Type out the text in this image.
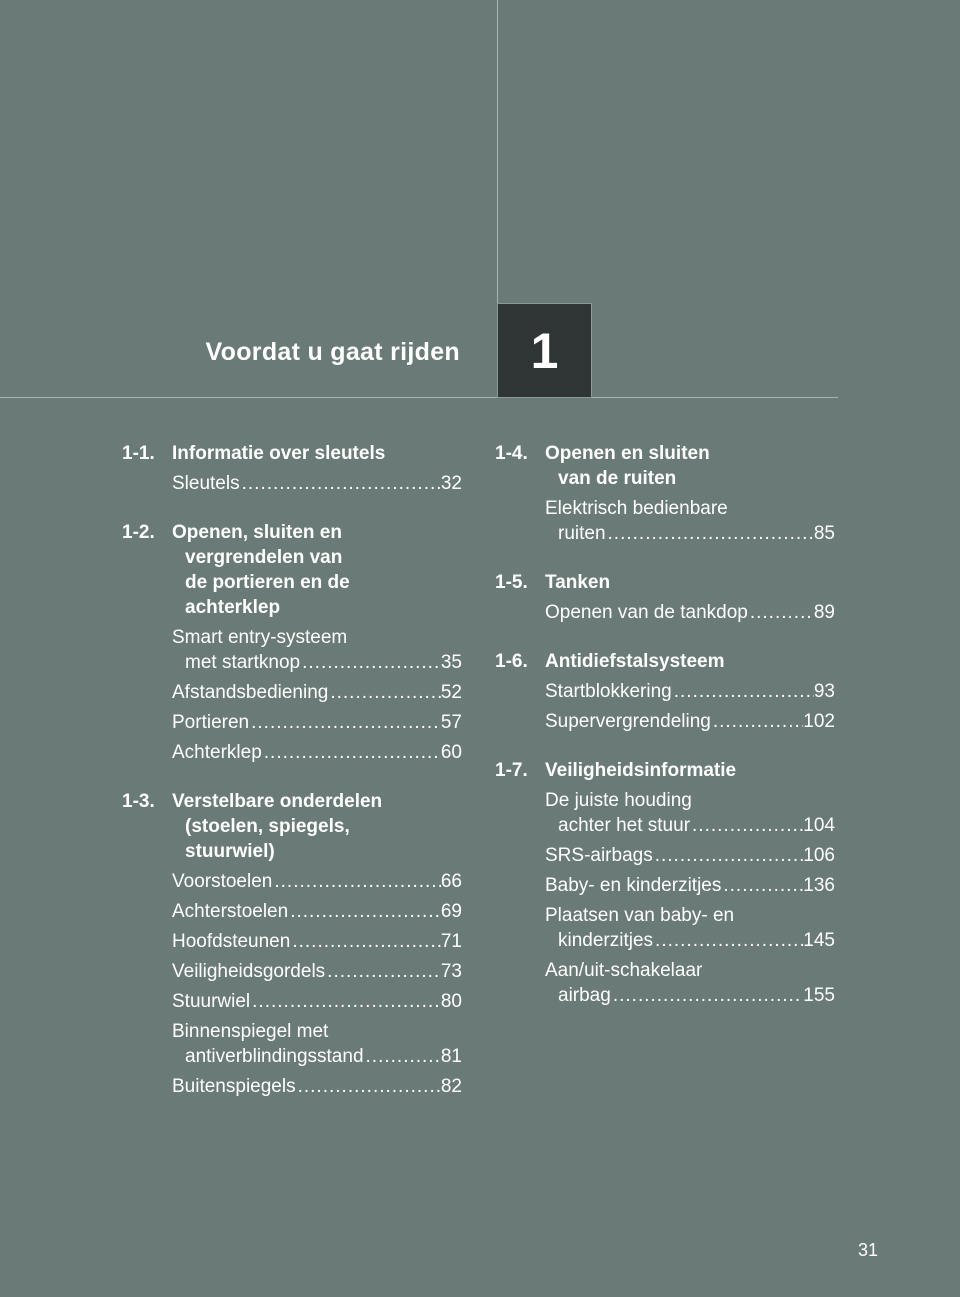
Voordat u gaat rijden 1
1-1. Informatie over sleutels
Sleutels .....	32
1-2. Openen, sluiten en
vergrendelen van
de portieren en de
achterklep
Smart entry-systeem
met startknop .....	35
Afstandsbediening .....	52
Portieren .....	57
Achterklep .....	60
1-3. Verstelbare onderdelen
(stoelen, spiegels,
stuurwiel)
Voorstoelen .....	66
Achterstoelen .....	69
Hoofdsteunen .....	71
Veiligheidsgordels .....	73
Stuurwiel .....	80
Binnenspiegel met
antiverblindingsstand .....	81
Buitenspiegels .....	82
1-4. Openen en sluiten
van de ruiten
Elektrisch bedienbare
ruiten .....	85
1-5. Tanken
Openen van de tankdop .....	89
1-6. Antidiefstalsysteem
Startblokkering .....	93
Supervergrendeling .....	102
1-7. Veiligheidsinformatie
De juiste houding
achter het stuur .....	104
SRS-airbags .....	106
Baby- en kinderzitjes .....	136
Plaatsen van baby- en
kinderzitjes .....	145
Aan/uit-schakelaar
airbag .....	155
31
